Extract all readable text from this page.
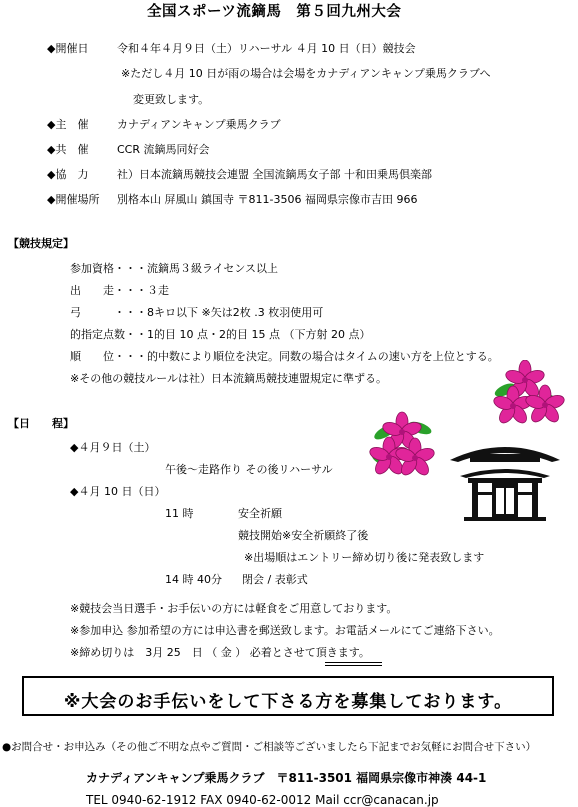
全国スポーツ流鏑馬　第５回九州大会
◆開催日	令和４年４月９日（土）リハーサル ４月 10 日（日）競技会
※ただし４月 10 日が雨の場合は会場をカナディアンキャンプ乗馬クラブへ
変更致します。
◆主　催	カナディアンキャンプ乗馬クラブ
◆共　催	CCR 流鏑馬同好会
◆協　力	社）日本流鏑馬競技会連盟 全国流鏑馬女子部 十和田乗馬倶楽部
◆開催場所 別格本山 屏風山 鎮国寺 〒811-3506 福岡県宗像市吉田 966
【競技規定】
参加資格・・・流鏑馬３級ライセンス以上
出　　走・・・３走
弓　　　・・・8キロ以下 ※矢は2枚 .3 枚羽使用可
的指定点数・・1的目 10 点・2的目 15 点 （下方射 20 点）
順　　位・・・的中数により順位を決定。同数の場合はタイムの速い方を上位とする。
※その他の競技ルールは社）日本流鏑馬競技連盟規定に準ずる。
【日　　程】
◆４月９日（土）
午後～走路作り その後リハーサル
◆４月 10 日（日）
11 時	安全祈願
競技開始※安全祈願終了後
※出場順はエントリー締め切り後に発表致します
14 時 40分 閉会 / 表彰式
※競技会当日選手・お手伝いの方には軽食をご用意しております。
※参加申込 参加希望の方には申込書を郵送致します。お電話メールにてご連絡下さい。
※締め切りは　3月 25　日 （ 金 ） 必着とさせて頂きます。
※大会のお手伝いをして下さる方を募集しております。
●お問合せ・お申込み（その他ご不明な点やご質問・ご相談等ございましたら下記までお気軽にお問合せ下さい）
カナディアンキャンプ乗馬クラブ　〒811-3501 福岡県宗像市神湊 44-1
TEL 0940-62-1912 FAX 0940-62-0012 Mail ccr@canacan.jp
